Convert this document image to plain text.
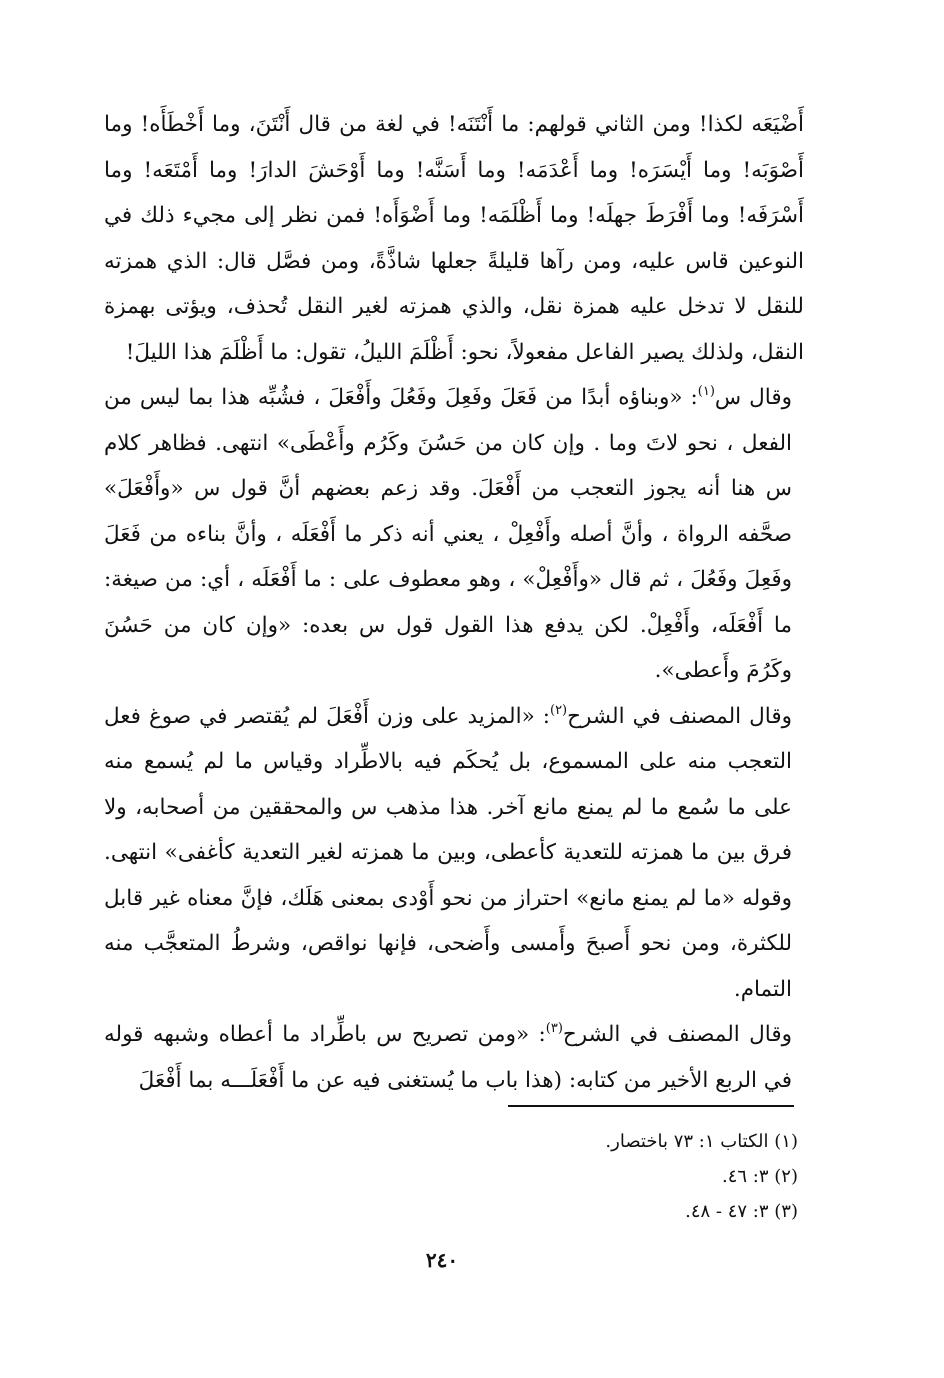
أَضْيَعَه لكذا! ومن الثاني قولهم: ما أَنْتَنَه! في لغة من قال أَنْتَنَ، وما أَخْطَأَه! وما أَصْوَبَه! وما أَيْسَرَه! وما أَعْدَمَه! وما أَسَنَّه! وما أَوْحَشَ الدارَ! وما أَمْتَعَه! وما أَسْرَفَه! وما أَفْرَطَ جهلَه! وما أَظْلَمَه! وما أَضْوَأَه! فمن نظر إلى مجيء ذلك في النوعين قاس عليه، ومن رآها قليلةً جعلها شاذَّةً، ومن فصَّل قال: الذي همزته للنقل لا تدخل عليه همزة نقل، والذي همزته لغير النقل تُحذف، ويؤتى بهمزة النقل، ولذلك يصير الفاعل مفعولاً، نحو: أَظْلَمَ الليلُ، تقول: ما أَظْلَمَ هذا الليلَ!

وقال س$^{(١)}$: «وبناؤه أبدًا من فَعَلَ وفَعِلَ وفَعُلَ وأَفْعَلَ ، فشُبِّه هذا بما ليس من الفعل ، نحو لاتَ وما . وإن كان من حَسُنَ وكَرُم وأَعْطَى» انتهى. فظاهر كلام س هنا أنه يجوز التعجب من أَفْعَلَ. وقد زعم بعضهم أنَّ قول س «وأَفْعَلَ» صحَّفه الرواة ، وأنَّ أصله وأَفْعِلْ ، يعني أنه ذكر ما أَفْعَلَه ، وأنَّ بناءه من فَعَلَ وفَعِلَ وفَعُلَ ، ثم قال «وأَفْعِلْ» ، وهو معطوف على : ما أَفْعَلَه ، أي: من صيغة: ما أَفْعَلَه، وأَفْعِلْ. لكن يدفع هذا القول قول س بعده: «وإن كان من حَسُنَ وكَرُمَ وأَعطى».

وقال المصنف في الشرح$^{(٢)}$: «المزيد على وزن أَفْعَلَ لم يُقتصر في صوغ فعل التعجب منه على المسموع، بل يُحكَم فيه بالاطِّراد وقياس ما لم يُسمع منه على ما سُمع ما لم يمنع مانع آخر. هذا مذهب س والمحققين من أصحابه، ولا فرق بين ما همزته للتعدية كأعطى، وبين ما همزته لغير التعدية كأغفى» انتهى. وقوله «ما لم يمنع مانع» احتراز من نحو أَوْدى بمعنى هَلَك، فإنَّ معناه غير قابل للكثرة، ومن نحو أَصبحَ وأَمسى وأَضحى، فإنها نواقص، وشرطُ المتعجَّب منه التمام.

وقال المصنف في الشرح$^{(٣)}$: «ومن تصريح س باطِّراد ما أعطاه وشبهه قوله في الربع الأخير من كتابه: (هذا باب ما يُستغنى فيه عن ما أَفْعَلَـــه بما أَفْعَلَ

(١) الكتاب ١: ٧٣ باختصار.
(٢) ٣: ٤٦.
(٣) ٣: ٤٧ - ٤٨.
٢٤٠
